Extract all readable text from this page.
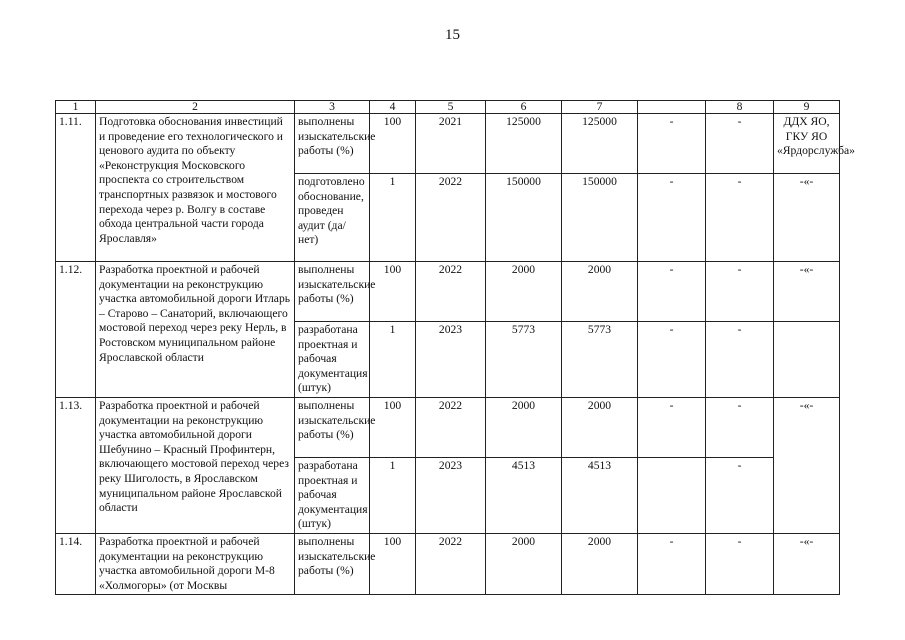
15
1	2	3	4	5	6	7		8	9
1.11.	Подготовка обоснования инвестиций и проведение его технологического и ценового аудита по объекту «Реконструкция Московского проспекта со строительством транспортных развязок и мостового перехода через р. Волгу в составе обхода центральной части города Ярославля»	выполнены изыскательские работы (%)	100	2021	125000	125000	-	-	ДДХ ЯО, ГКУ ЯО «Ярдорслужба»
		подготовлено обоснование, проведен аудит (да/нет)	1	2022	150000	150000	-	-	-«-
1.12.	Разработка проектной и рабочей документации на реконструкцию участка автомобильной дороги Итларь – Старово – Санаторий, включающего мостовой переход через реку Нерль, в Ростовском муниципальном районе Ярославской области	выполнены изыскательские работы (%)	100	2022	2000	2000	-	-	-«-
		разработана проектная и рабочая документация (штук)	1	2023	5773	5773	-	-	
1.13.	Разработка проектной и рабочей документации на реконструкцию участка автомобильной дороги Шебунино – Красный Профинтерн, включающего мостовой переход через реку Шиголость, в Ярославском муниципальном районе Ярославской области	выполнены изыскательские работы (%)	100	2022	2000	2000	-	-	-«-
		разработана проектная и рабочая документация (штук)	1	2023	4513	4513		-	
1.14.	Разработка проектной и рабочей документации на реконструкцию участка автомобильной дороги М-8 «Холмогоры» (от Москвы	выполнены изыскательские работы (%)	100	2022	2000	2000	-	-	-«-
